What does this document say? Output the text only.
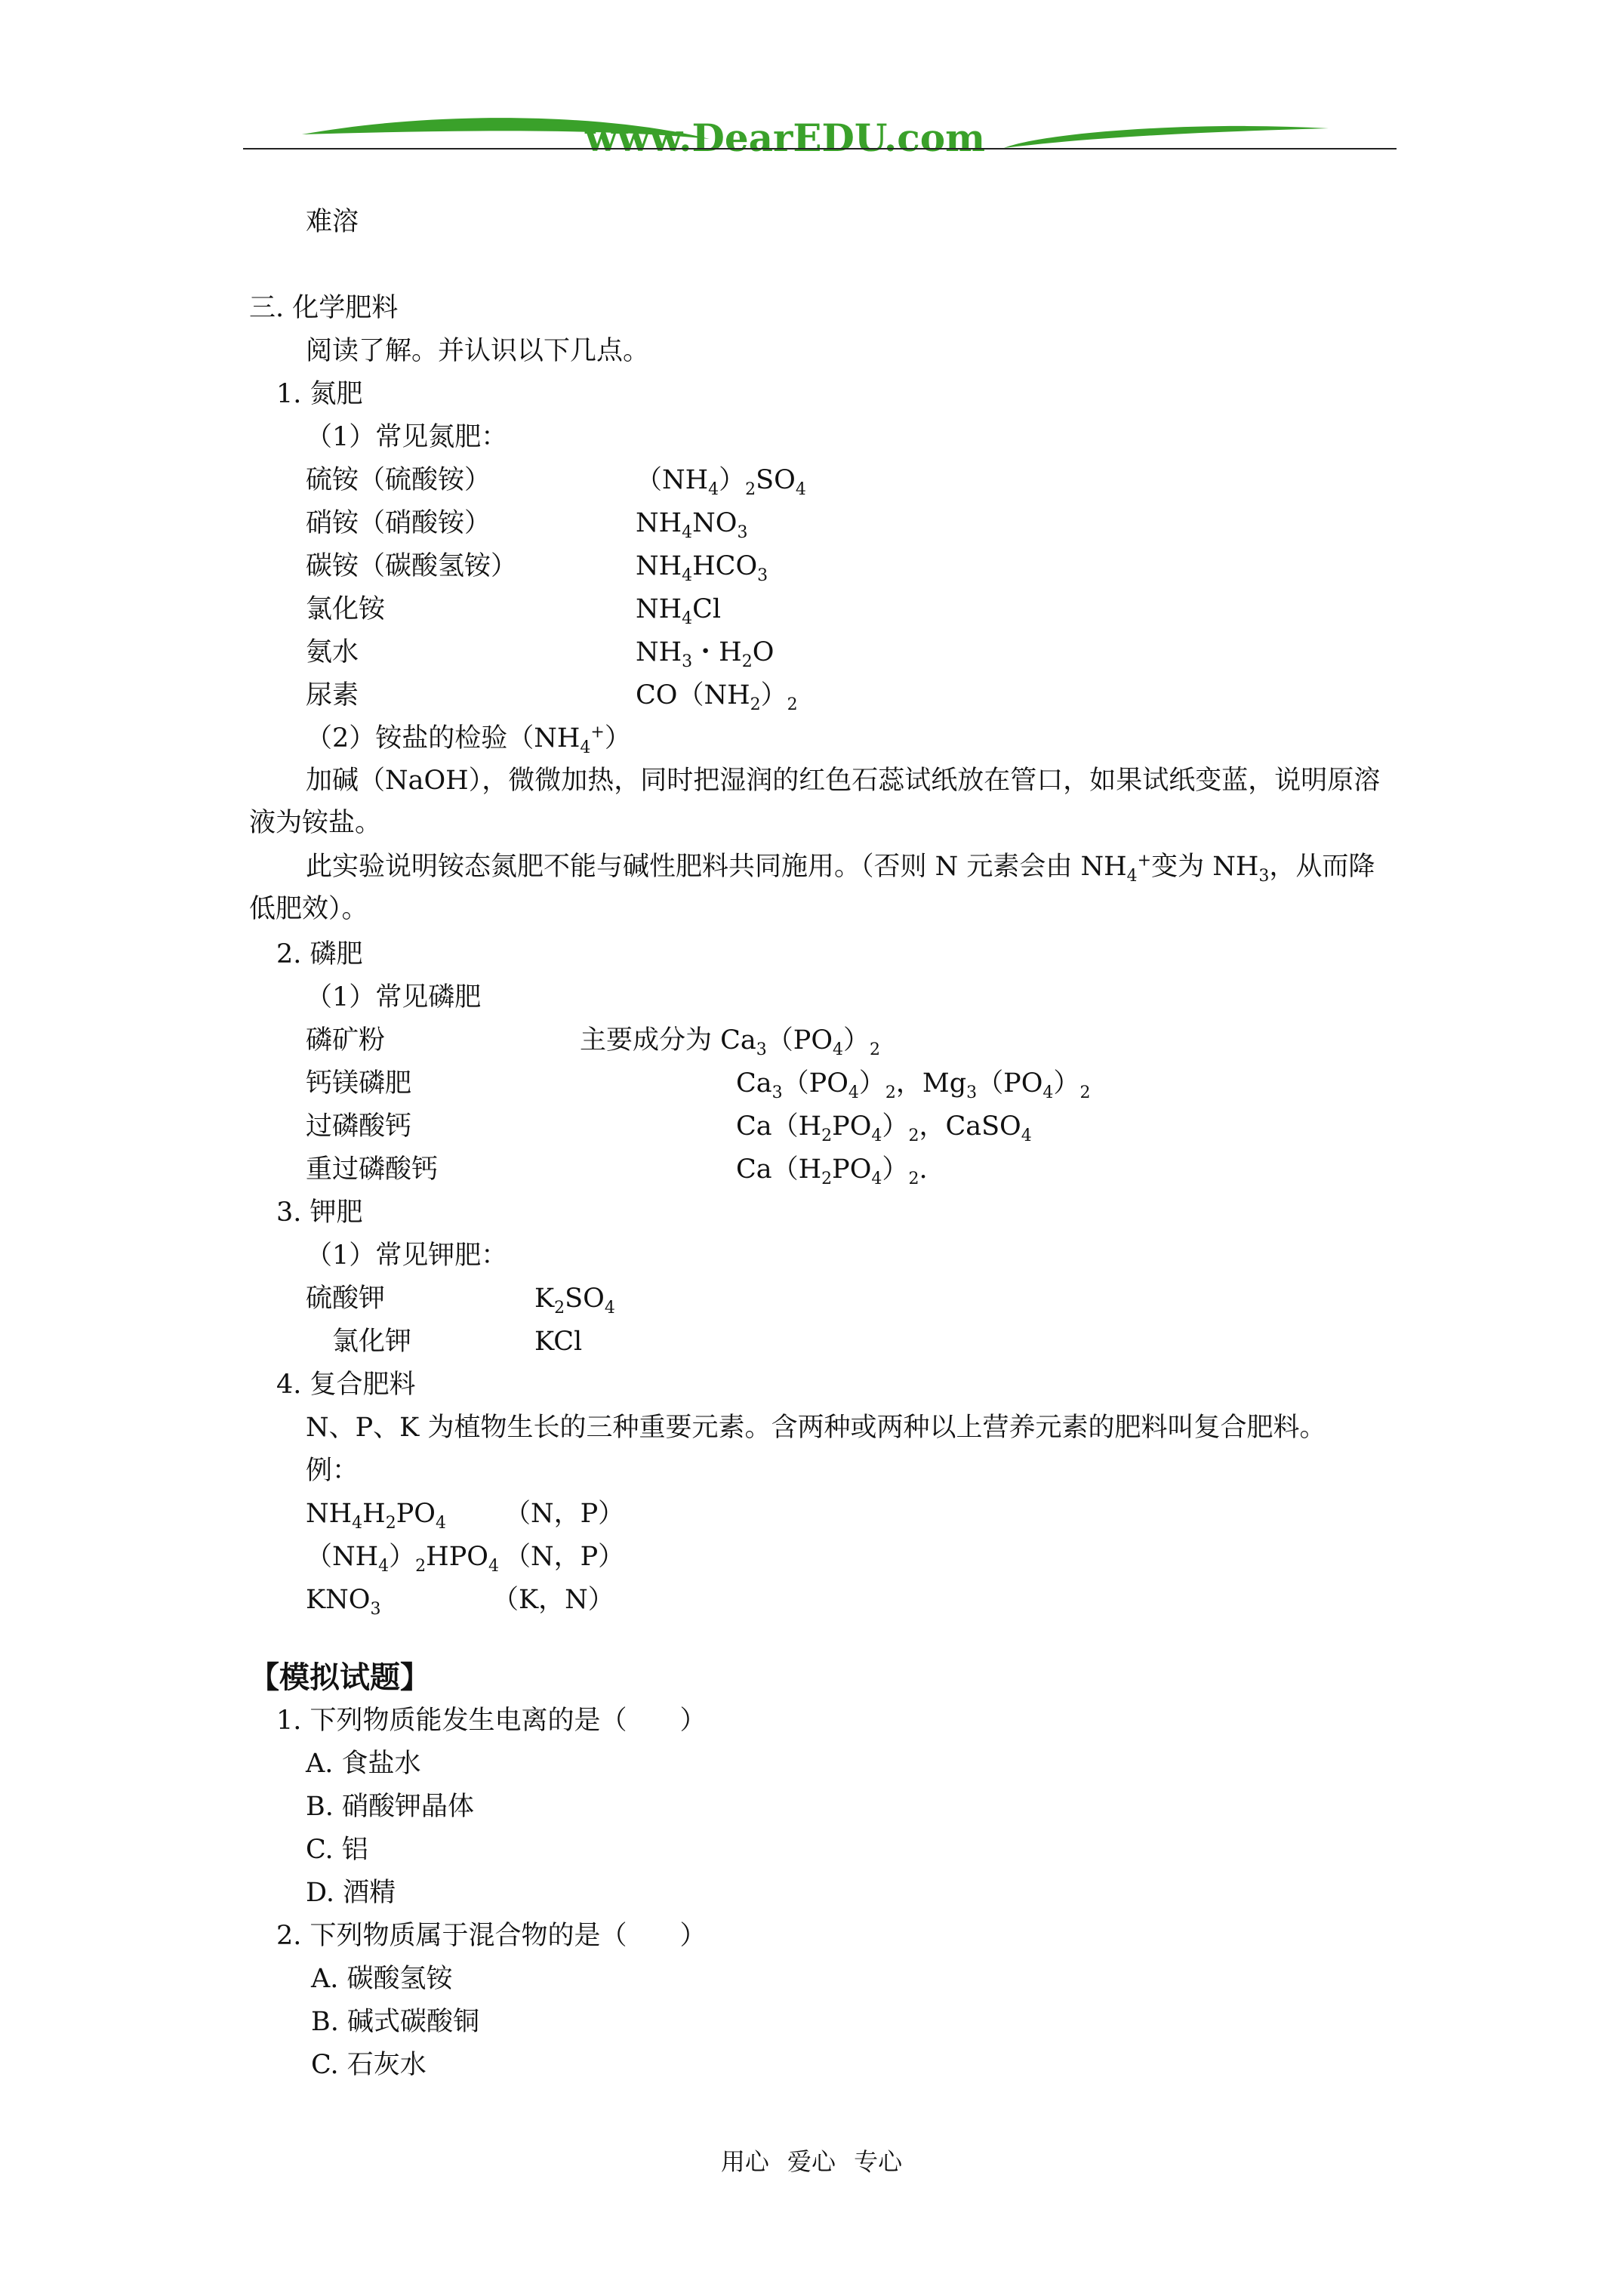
www.DearEDU.com
难溶
三. 化学肥料
阅读了解。并认识以下几点。
1. 氮肥
（1）常见氮肥：
硫铵（硫酸铵）	$(NH_4)_2SO_4$
硝铵（硝酸铵）	$NH_4NO_3$
碳铵（碳酸氢铵）	$NH_4HCO_3$
氯化铵	$NH_4Cl$
氨水	$NH_3$・$H_2O$
尿素	$CO(NH_2)_2$
（2）铵盐的检验$(NH_4^+)$
加碱（NaOH），微微加热，同时把湿润的红色石蕊试纸放在管口，如果试纸变蓝，说明原溶液为铵盐。
此实验说明铵态氮肥不能与碱性肥料共同施用。（否则 N 元素会由 $NH_4^+$变为 $NH_3$，从而降低肥效）。
2. 磷肥
（1）常见磷肥
磷矿粉	主要成分为 $Ca_3(PO_4)_2$
钙镁磷肥	$Ca_3(PO_4)_2$，$Mg_3(PO_4)_2$
过磷酸钙	$Ca(H_2PO_4)_2$，CaSO$_4$
重过磷酸钙	$Ca(H_2PO_4)_2$.
3. 钾肥
（1）常见钾肥：
硫酸钾	$K_2SO_4$
氯化钾	KCl
4. 复合肥料
N、P、K 为植物生长的三种重要元素。含两种或两种以上营养元素的肥料叫复合肥料。
例：
$NH_4H_2PO_4$ （N，P）
$(NH_4)_2HPO_4$ （N，P）
$KNO_3$	（K，N）
【模拟试题】
1. 下列物质能发生电离的是（　　）
A. 食盐水
B. 硝酸钾晶体
C. 铝
D. 酒精
2. 下列物质属于混合物的是（　　）
A. 碳酸氢铵
B. 碱式碳酸铜
C. 石灰水
用心 爱心 专心
